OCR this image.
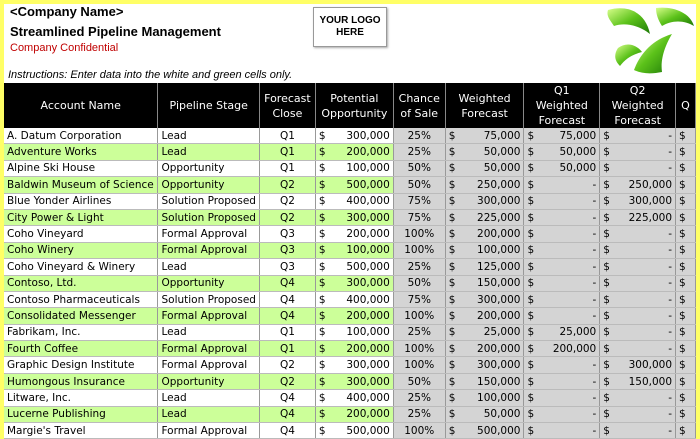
<Company Name>
Streamlined Pipeline Management
Company Confidential
YOUR LOGO HERE
Instructions: Enter data into the white and green cells only.
Account Name	Pipeline Stage	Forecast Close	Potential Opportunity	Chance of Sale	Weighted Forecast	Q1 Weighted Forecast	Q2 Weighted Forecast	Q
A. Datum Corporation	Lead	Q1	$ 300,000	25%	$ 75,000	$ 75,000	$ -	$
Adventure Works	Lead	Q1	$ 200,000	25%	$ 50,000	$ 50,000	$ -	$
Alpine Ski House	Opportunity	Q1	$ 100,000	50%	$ 50,000	$ 50,000	$ -	$
Baldwin Museum of Science	Opportunity	Q2	$ 500,000	50%	$ 250,000	$ -	$ 250,000	$
Blue Yonder Airlines	Solution Proposed	Q2	$ 400,000	75%	$ 300,000	$ -	$ 300,000	$
City Power & Light	Solution Proposed	Q2	$ 300,000	75%	$ 225,000	$ -	$ 225,000	$
Coho Vineyard	Formal Approval	Q3	$ 200,000	100%	$ 200,000	$ -	$ -	$
Coho Winery	Formal Approval	Q3	$ 100,000	100%	$ 100,000	$ -	$ -	$
Coho Vineyard & Winery	Lead	Q3	$ 500,000	25%	$ 125,000	$ -	$ -	$
Contoso, Ltd.	Opportunity	Q4	$ 300,000	50%	$ 150,000	$ -	$ -	$
Contoso Pharmaceuticals	Solution Proposed	Q4	$ 400,000	75%	$ 300,000	$ -	$ -	$
Consolidated Messenger	Formal Approval	Q4	$ 200,000	100%	$ 200,000	$ -	$ -	$
Fabrikam, Inc.	Lead	Q1	$ 100,000	25%	$ 25,000	$ 25,000	$ -	$
Fourth Coffee	Formal Approval	Q1	$ 200,000	100%	$ 200,000	$ 200,000	$ -	$
Graphic Design Institute	Formal Approval	Q2	$ 300,000	100%	$ 300,000	$ -	$ 300,000	$
Humongous Insurance	Opportunity	Q2	$ 300,000	50%	$ 150,000	$ -	$ 150,000	$
Litware, Inc.	Lead	Q4	$ 400,000	25%	$ 100,000	$ -	$ -	$
Lucerne Publishing	Lead	Q4	$ 200,000	25%	$ 50,000	$ -	$ -	$
Margie's Travel	Formal Approval	Q4	$ 500,000	100%	$ 500,000	$ -	$ -	$
